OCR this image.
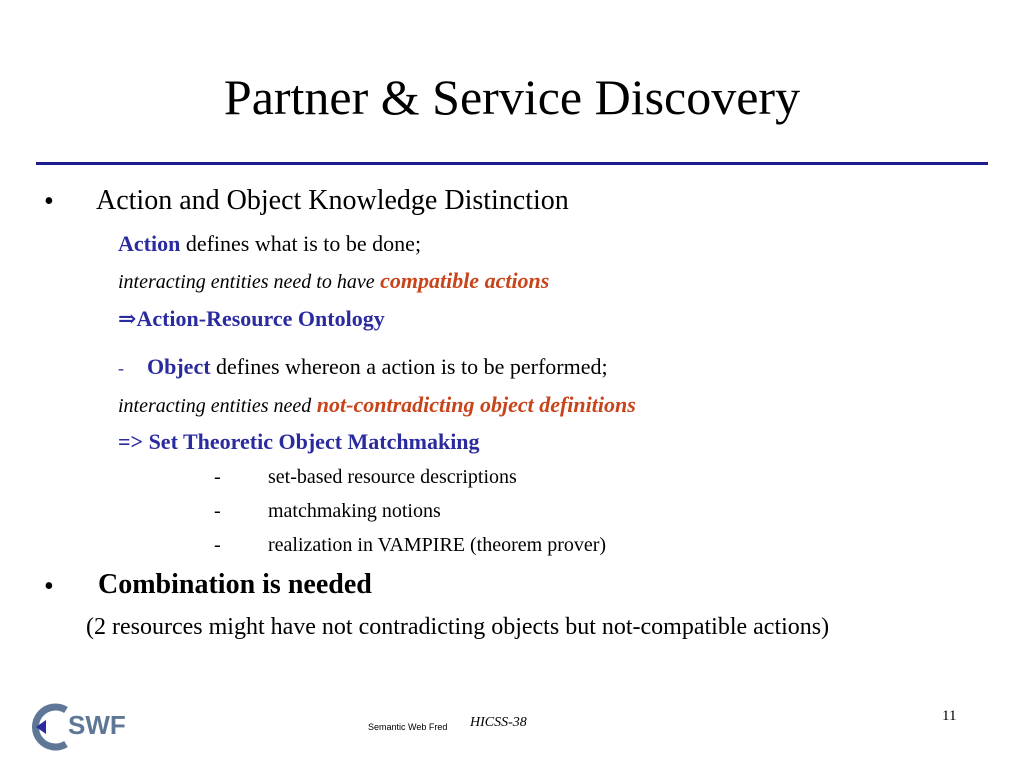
Partner & Service Discovery
• Action and Object Knowledge Distinction
Action defines what is to be done;
interacting entities need to have compatible actions
⇒Action-Resource Ontology
- Object defines whereon a action is to be performed;
interacting entities need not-contradicting object definitions
=> Set Theoretic Object Matchmaking
- set-based resource descriptions
- matchmaking notions
- realization in VAMPIRE (theorem prover)
• Combination is needed
(2 resources might have not contradicting objects but not-compatible actions)
SWF	Semantic Web Fred HICSS-38	11
